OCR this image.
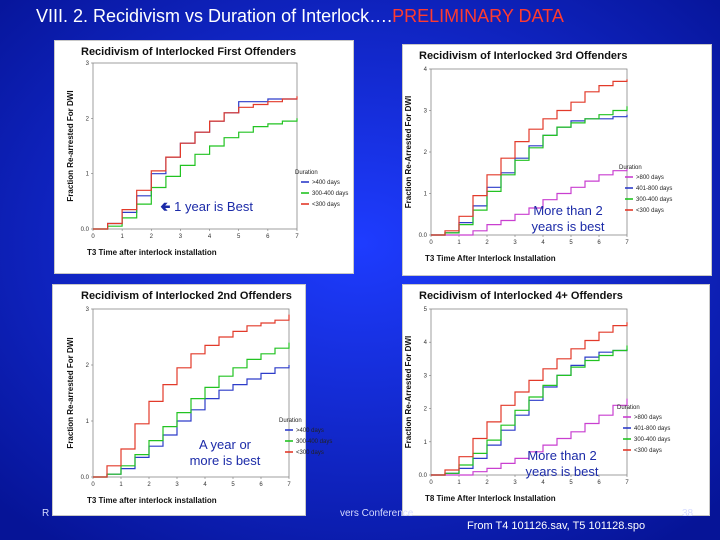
VIII. 2. Recidivism vs Duration of Interlock….PRELIMINARY DATA
Recidivism of Interlocked First Offenders
0.0
1
2
3
0	1	2	3	4	5	6	7
T3 Time after interlock installation
Fraction Re-arrested For DWI	Duration
>400 days
300-400 days
<300 days
Recidivism of Interlocked 3rd Offenders
0.0
1
2
3
4
0	1	2	3	4	5	6	7
T3 Time After Interlock Installation
Fraction Re-Arrested For DWI	Duration
>800 days
401-800 days
300-400 days
<300 days
Recidivism of Interlocked 2nd Offenders
0.0
1
2
3
0	1	2	3	4	5	6	7
T3 Time after interlock installation
Fraction Re-arrested For DWI	Duration
>400 days
300-400 days
<300 days
Recidivism of Interlocked 4+ Offenders
0.0
1
2
3
4
5
0	1	2	3	4	5	6	7
T8 Time After Interlock Installation
Fraction Re-Arrested For DWI	Duration
>800 days
401-800 days
300-400 days
<300 days
🢀 1 year is Best	More than 2 years is best
A year or more is best	More than 2 years is best
R	vers Conference	38
From T4 101126.sav, T5 101128.spo
